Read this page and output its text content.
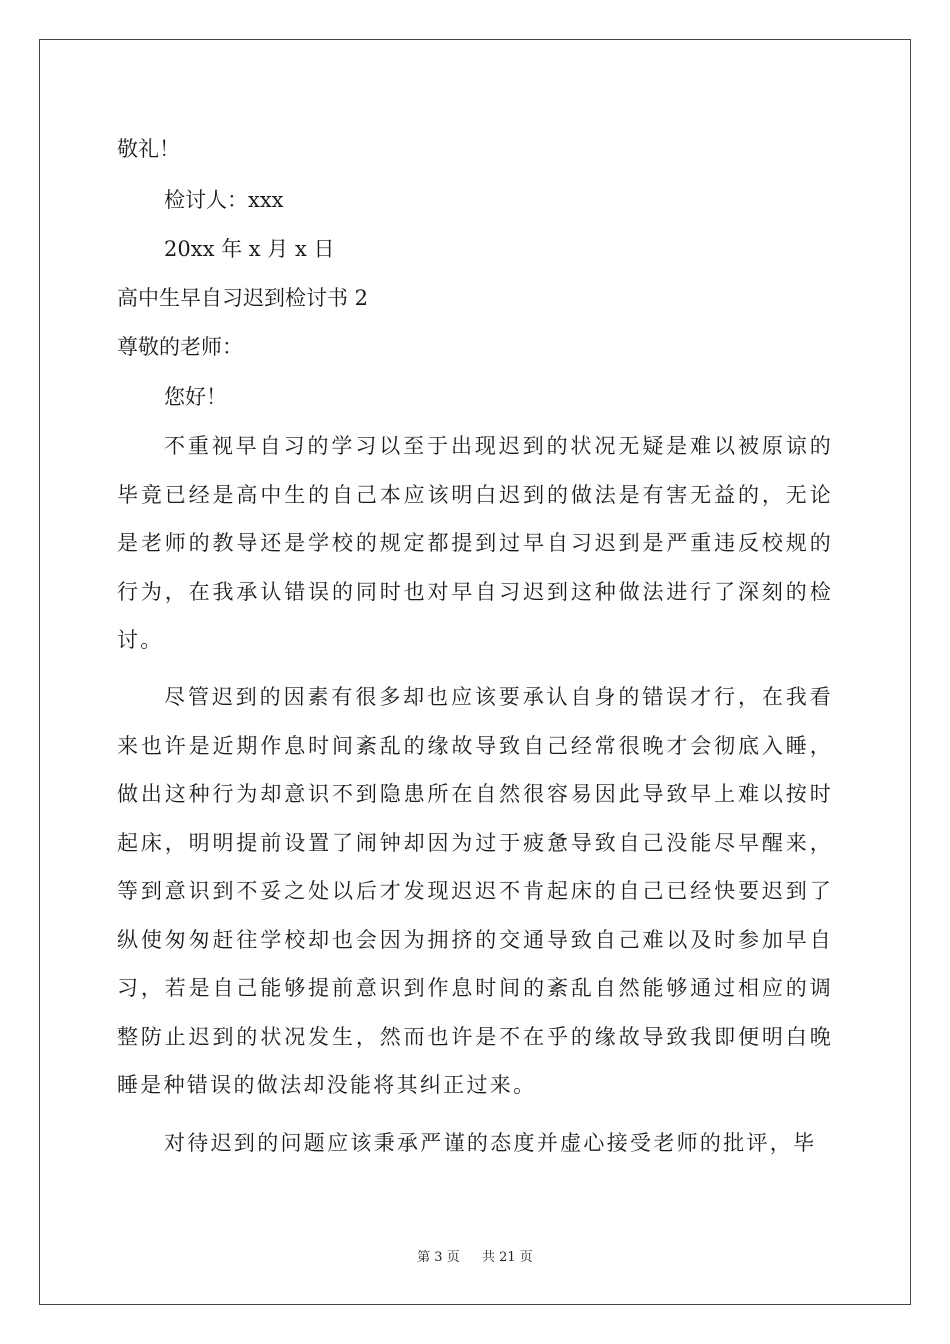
敬礼！
检讨人：xxx
20xx 年 x 月 x 日
高中生早自习迟到检讨书 2
尊敬的老师：
您好！
不重视早自习的学习以至于出现迟到的状况无疑是难以被原谅的毕竟已经是高中生的自己本应该明白迟到的做法是有害无益的，无论是老师的教导还是学校的规定都提到过早自习迟到是严重违反校规的行为，在我承认错误的同时也对早自习迟到这种做法进行了深刻的检讨。
尽管迟到的因素有很多却也应该要承认自身的错误才行，在我看来也许是近期作息时间紊乱的缘故导致自己经常很晚才会彻底入睡，做出这种行为却意识不到隐患所在自然很容易因此导致早上难以按时起床，明明提前设置了闹钟却因为过于疲惫导致自己没能尽早醒来，等到意识到不妥之处以后才发现迟迟不肯起床的自己已经快要迟到了纵使匆匆赶往学校却也会因为拥挤的交通导致自己难以及时参加早自习，若是自己能够提前意识到作息时间的紊乱自然能够通过相应的调整防止迟到的状况发生，然而也许是不在乎的缘故导致我即便明白晚睡是种错误的做法却没能将其纠正过来。
对待迟到的问题应该秉承严谨的态度并虚心接受老师的批评，毕
第 3 页 共 21 页
